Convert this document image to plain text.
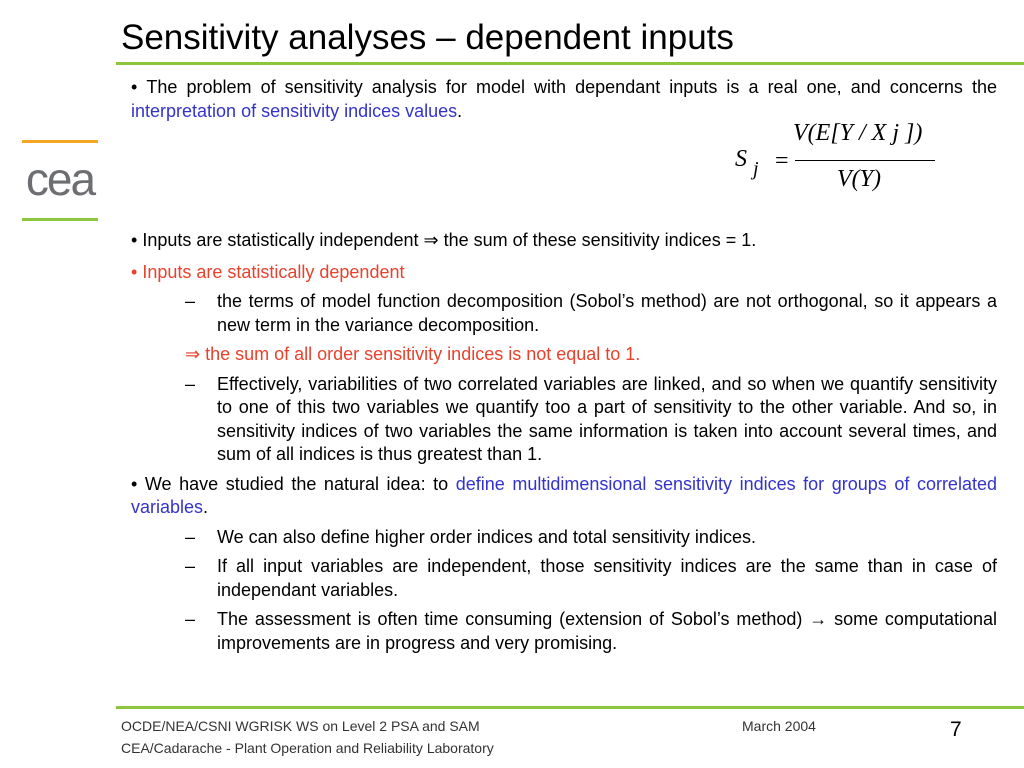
Sensitivity analyses – dependent inputs
cea	S j =
V(E[Y / X j ])
V(Y)

• The problem of sensitivity analysis for model with dependant inputs is a real one, and concerns the interpretation of sensitivity indices values.

• Inputs are statistically independent ⇒ the sum of these sensitivity indices = 1.

• Inputs are statistically dependent

– the terms of model function decomposition (Sobol’s method) are not orthogonal, so it appears a new term in the variance decomposition.

⇒ the sum of all order sensitivity indices is not equal to 1.

– Effectively, variabilities of two correlated variables are linked, and so when we quantify sensitivity to one of this two variables we quantify too a part of sensitivity to the other variable. And so, in sensitivity indices of two variables the same information is taken into account several times, and sum of all indices is thus greatest than 1.

• We have studied the natural idea: to define multidimensional sensitivity indices for groups of correlated variables.

– We can also define higher order indices and total sensitivity indices.

– If all input variables are independent, those sensitivity indices are the same than in case of independant variables.

– The assessment is often time consuming (extension of Sobol’s method) → some computational improvements are in progress and very promising.

OCDE/NEA/CSNI WGRISK WS on Level 2 PSA and SAM
CEA/Cadarache - Plant Operation and Reliability Laboratory
March 2004	7
